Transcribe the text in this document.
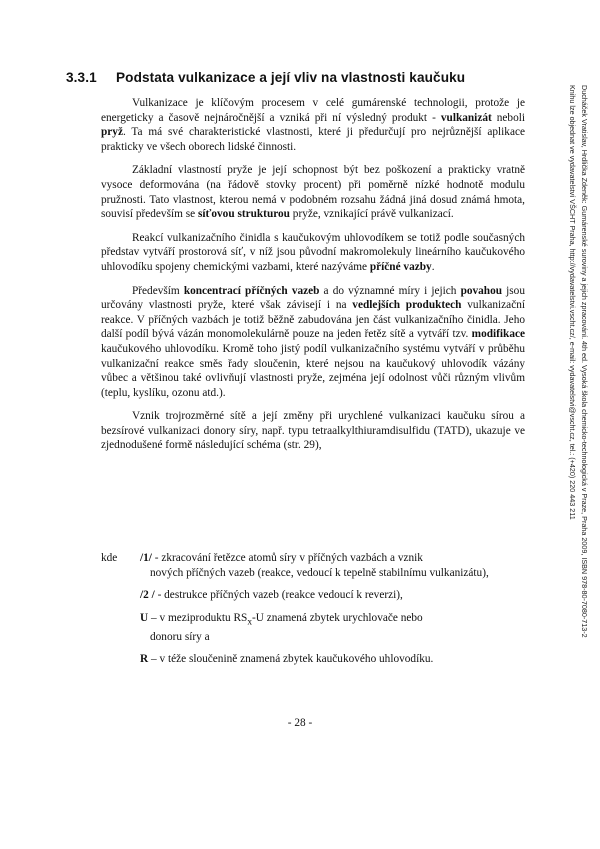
3.3.1 Podstata vulkanizace a její vliv na vlastnosti kaučuku

Vulkanizace je klíčovým procesem v celé gumárenské technologii, protože je energeticky a časově nejnáročnější a vzniká při ní výsledný produkt - vulkanizát neboli pryž. Ta má své charakteristické vlastnosti, které ji předurčují pro nejrůznější aplikace prakticky ve všech oborech lidské činnosti.

Základní vlastností pryže je její schopnost být bez poškození a prakticky vratně vysoce deformována (na řádově stovky procent) při poměrně nízké hodnotě modulu pružnosti. Tato vlastnost, kterou nemá v podobném rozsahu žádná jiná dosud známá hmota, souvisí především se síťovou strukturou pryže, vznikající právě vulkanizací.

Reakcí vulkanizačního činidla s kaučukovým uhlovodíkem se totiž podle současných představ vytváří prostorová síť, v níž jsou původní makromolekuly lineárního kaučukového uhlovodíku spojeny chemickými vazbami, které nazýváme příčné vazby.

Především koncentrací příčných vazeb a do významné míry i jejich povahou jsou určovány vlastnosti pryže, které však závisejí i na vedlejších produktech vulkanizační reakce. V příčných vazbách je totiž běžně zabudována jen část vulkanizačního činidla. Jeho další podíl bývá vázán monomolekulárně pouze na jeden řetěz sítě a vytváří tzv. modifikace kaučukového uhlovodíku. Kromě toho jistý podíl vulkanizačního systému vytváří v průběhu vulkanizační reakce směs řady sloučenin, které nejsou na kaučukový uhlovodík vázány vůbec a většinou také ovlivňují vlastnosti pryže, zejména její odolnost vůči různým vlivům (teplu, kyslíku, ozonu atd.).

Vznik trojrozměrné sítě a její změny při urychlené vulkanizaci kaučuku sírou a bezsírové vulkanizaci donory síry, např. typu tetraalkylthiuramdisulfidu (TATD), ukazuje ve zjednodušené formě následující schéma (str. 29),

kde /1/ - zkracování řetězce atomů síry v příčných vazbách a vznik
nových příčných vazeb (reakce, vedoucí k tepelně stabilnímu vulkanizátu),
/2 / - destrukce příčných vazeb (reakce vedoucí k reverzi),
U – v meziproduktu $RS_x-U$ znamená zbytek urychlovače nebo
donoru síry a
R – v téže sloučenině znamená zbytek kaučukového uhlovodíku.
Ducháček Vratislav, Hrdlička Zdeněk: Gumárenské suroviny a jejich zpracování. 4th ed. Vysoká škola chemicko-technologická v Praze, Praha 2009, ISBN 978-80-7080-713-2
Knihu lze objednat ve vydavatelství VŠCHT Praha, http://vydavatelstvi.vscht.cz/, e-mail: vydavatelstvi@vscht.cz, tel.: (+420) 220 443 211
- 28 -
